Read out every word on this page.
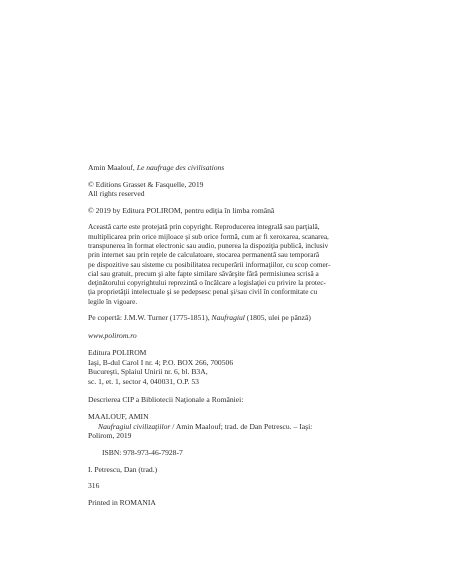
Amin Maalouf, Le naufrage des civilisations

© Editions Grasset & Fasquelle, 2019

All rights reserved

© 2019 by Editura POLIROM, pentru ediţia în limba română

Această carte este protejată prin copyright. Reproducerea integrală sau parţială,
multiplicarea prin orice mijloace şi sub orice formă, cum ar fi xeroxarea, scanarea,
transpunerea în format electronic sau audio, punerea la dispoziţia publică, inclusiv
prin internet sau prin reţele de calculatoare, stocarea permanentă sau temporară
pe dispozitive sau sisteme cu posibilitatea recuperării informaţiilor, cu scop comer-
cial sau gratuit, precum şi alte fapte similare săvârşite fără permisiunea scrisă a
deţinătorului copyrightului reprezintă o încălcare a legislaţiei cu privire la protec-
ţia proprietăţii intelectuale şi se pedepsesc penal şi/sau civil în conformitate cu
legile în vigoare.

Pe copertă: J.M.W. Turner (1775-1851), Naufragiul (1805, ulei pe pânză)

www.polirom.ro

Editura POLIROM

Iaşi, B-dul Carol I nr. 4; P.O. BOX 266, 700506

Bucureşti, Splaiul Unirii nr. 6, bl. B3A,

sc. 1, et. 1, sector 4, 040031, O.P. 53

Descrierea CIP a Bibliotecii Naţionale a României:

MAALOUF, AMIN

Naufragiul civilizaţiilor / Amin Maalouf; trad. de Dan Petrescu. – Iaşi:

Polirom, 2019

ISBN: 978-973-46-7928-7

I. Petrescu, Dan (trad.)

316

Printed in ROMANIA
